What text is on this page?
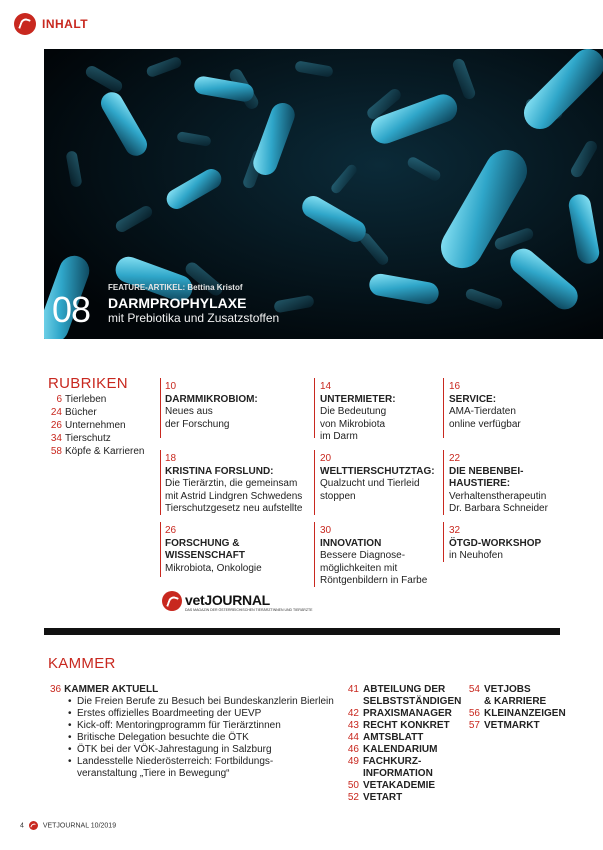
INHALT
FEATURE-ARTIKEL: Bettina Kristof
08 DARMPROPHYLAXE
mit Prebiotika und Zusatzstoffen
RUBRIKEN
6 Tierleben
24 Bücher
26 Unternehmen
34 Tierschutz
58 Köpfe & Karrieren
10
DARMMIKROBIOM:
Neues aus
der Forschung
14
UNTERMIETER:
Die Bedeutung
von Mikrobiota
im Darm
16
SERVICE:
AMA-Tierdaten
online verfügbar
18
KRISTINA FORSLUND:
Die Tierärztin, die gemeinsam
mit Astrid Lindgren Schwedens
Tierschutzgesetz neu aufstellte
20
WELTTIERSCHUTZTAG:
Qualzucht und Tierleid
stoppen
22
DIE NEBENBEI-
HAUSTIERE:
Verhaltenstherapeutin
Dr. Barbara Schneider
26
FORSCHUNG &
WISSENSCHAFT
Mikrobiota, Onkologie
30
INNOVATION
Bessere Diagnose-
möglichkeiten mit
Röntgenbildern in Farbe
32
ÖTGD-WORKSHOP
in Neuhofen
vetJOURNAL
DAS MAGAZIN DER ÖSTERREICHISCHEN TIERÄRZTINNEN UND TIERÄRZTE
KAMMER
36 KAMMER AKTUELL
• Die Freien Berufe zu Besuch bei Bundeskanzlerin Bierlein
• Erstes offizielles Boardmeeting der UEVP
• Kick-off: Mentoringprogramm für Tierärztinnen
• Britische Delegation besuchte die ÖTK
• ÖTK bei der VÖK-Jahrestagung in Salzburg
• Landesstelle Niederösterreich: Fortbildungs-
veranstaltung „Tiere in Bewegung“
41 ABTEILUNG DER
SELBSTSTÄNDIGEN
42 PRAXISMANAGER
43 RECHT KONKRET
44 AMTSBLATT
46 KALENDARIUM
49 FACHKURZ-
INFORMATION
50 VETAKADEMIE
52 VETART
54 VETJOBS
& KARRIERE
56 KLEINANZEIGEN
57 VETMARKT
4	VETJOURNAL 10/2019
